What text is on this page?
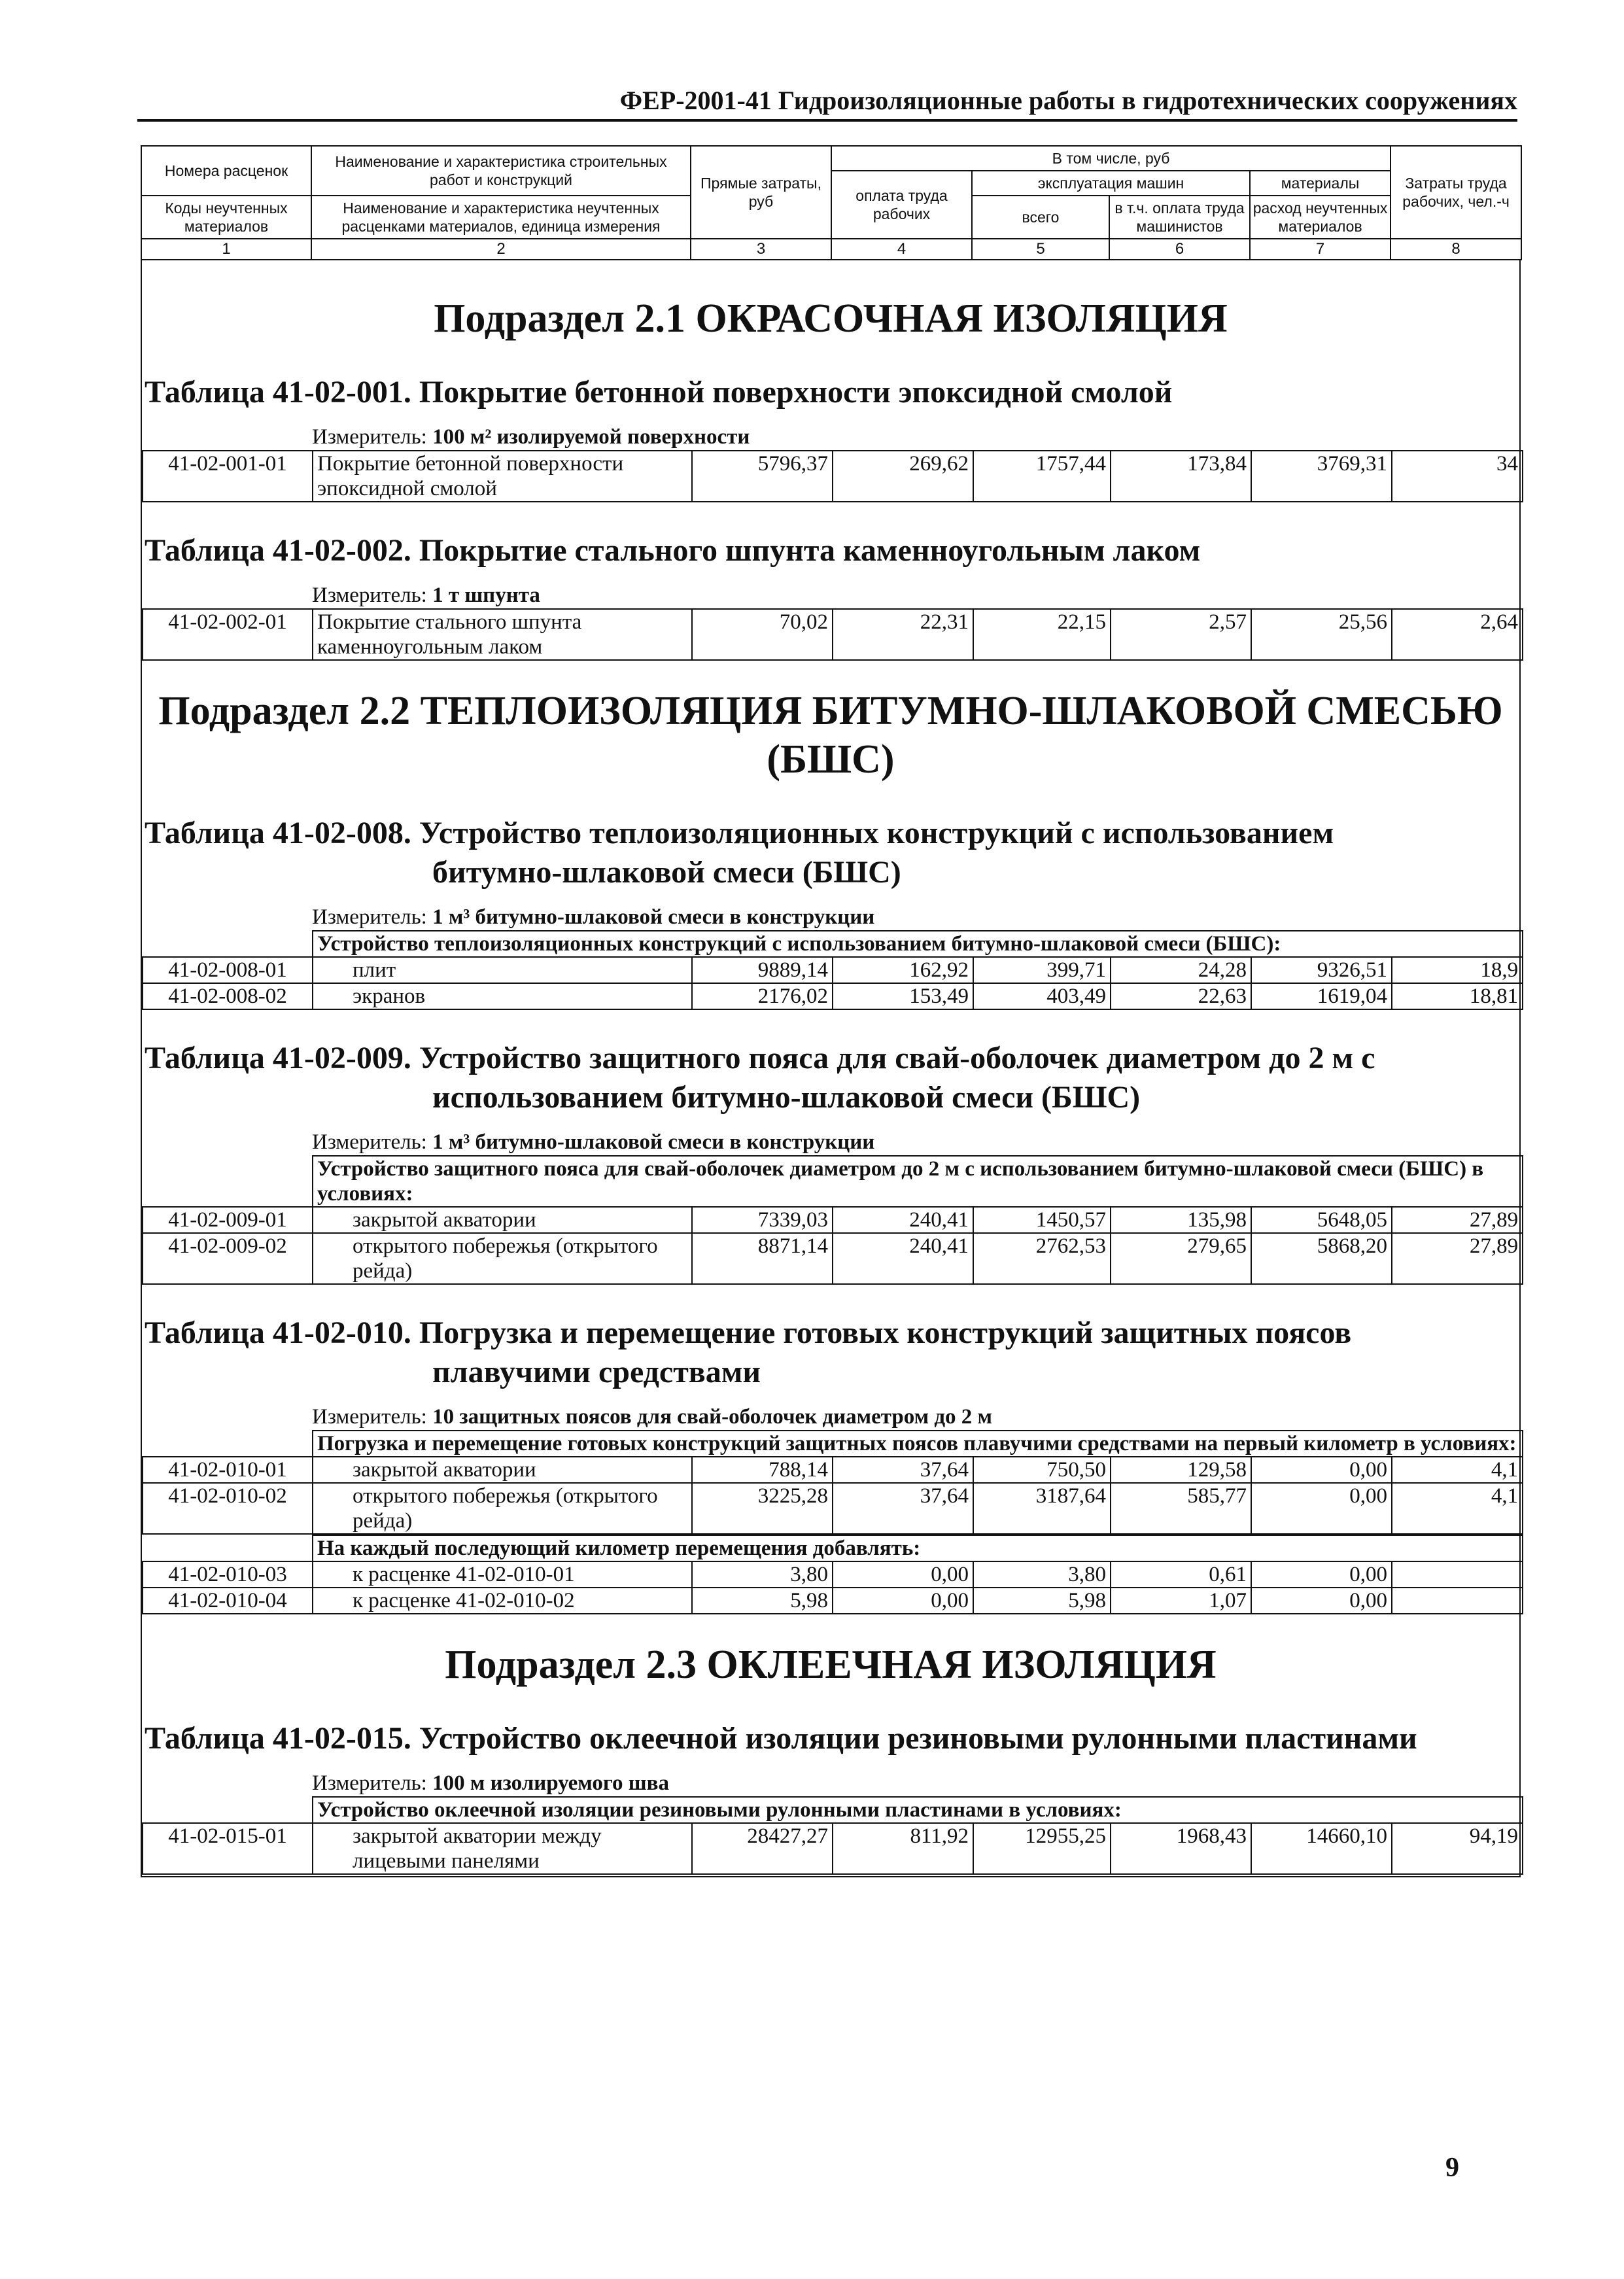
ФЕР-2001-41 Гидроизоляционные работы в гидротехнических сооружениях
Номера расценок	Наименование и характеристика строительных работ и конструкций	Прямые затраты, руб	В том числе, руб				Затраты труда рабочих, чел.-ч
			оплата труда рабочих	эксплуатация машин		материалы	
Коды неучтенных материалов	Наименование и характеристика неучтенных расценками материалов, единица измерения			всего	в т.ч. оплата труда машинистов	расход неучтенных материалов	

1	2	3	4	5	6	7	8
Подраздел 2.1 ОКРАСОЧНАЯ ИЗОЛЯЦИЯ
Таблица 41-02-001. Покрытие бетонной поверхности эпоксидной смолой
Измеритель: 100 м² изолируемой поверхности
41-02-001-01	Покрытие бетонной поверхности эпоксидной смолой	5796,37	269,62	1757,44	173,84	3769,31	34
Таблица 41-02-002. Покрытие стального шпунта каменноугольным лаком
Измеритель: 1 т шпунта
41-02-002-01	Покрытие стального шпунта каменноугольным лаком	70,02	22,31	22,15	2,57	25,56	2,64
Подраздел 2.2 ТЕПЛОИЗОЛЯЦИЯ БИТУМНО-ШЛАКОВОЙ СМЕСЬЮ (БШС)
Таблица 41-02-008. Устройство теплоизоляционных конструкций с использованием
битумно-шлаковой смеси (БШС)
Измеритель: 1 м³ битумно-шлаковой смеси в конструкции
	Устройство теплоизоляционных конструкций с использованием битумно-шлаковой смеси (БШС):						
41-02-008-01	плит	9889,14	162,92	399,71	24,28	9326,51	18,9
41-02-008-02	экранов	2176,02	153,49	403,49	22,63	1619,04	18,81
Таблица 41-02-009. Устройство защитного пояса для свай-оболочек диаметром до 2 м с
использованием битумно-шлаковой смеси (БШС)
Измеритель: 1 м³ битумно-шлаковой смеси в конструкции
	Устройство защитного пояса для свай-оболочек диаметром до 2 м с использованием битумно-шлаковой смеси (БШС) в условиях:						
41-02-009-01	закрытой акватории	7339,03	240,41	1450,57	135,98	5648,05	27,89
41-02-009-02	открытого побережья (открытого рейда)	8871,14	240,41	2762,53	279,65	5868,20	27,89
Таблица 41-02-010. Погрузка и перемещение готовых конструкций защитных поясов
плавучими средствами
Измеритель: 10 защитных поясов для свай-оболочек диаметром до 2 м
	Погрузка и перемещение готовых конструкций защитных поясов плавучими средствами на первый километр в условиях:						
41-02-010-01	закрытой акватории	788,14	37,64	750,50	129,58	0,00	4,1
41-02-010-02	открытого побережья (открытого рейда)	3225,28	37,64	3187,64	585,77	0,00	4,1
	На каждый последующий километр перемещения добавлять:						
41-02-010-03	к расценке 41-02-010-01	3,80	0,00	3,80	0,61	0,00	
41-02-010-04	к расценке 41-02-010-02	5,98	0,00	5,98	1,07	0,00	
Подраздел 2.3 ОКЛЕЕЧНАЯ ИЗОЛЯЦИЯ
Таблица 41-02-015. Устройство оклеечной изоляции резиновыми рулонными пластинами
Измеритель: 100 м изолируемого шва
	Устройство оклеечной изоляции резиновыми рулонными пластинами в условиях:						
41-02-015-01	закрытой акватории между лицевыми панелями	28427,27	811,92	12955,25	1968,43	14660,10	94,19
9
